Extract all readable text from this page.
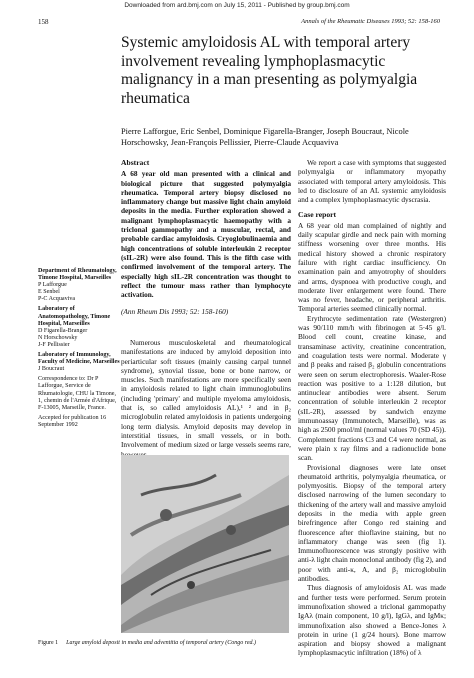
Downloaded from ard.bmj.com on July 15, 2011 - Published by group.bmj.com
158	Annals of the Rheumatic Diseases 1993; 52: 158-160
Systemic amyloidosis AL with temporal artery involvement revealing lymphoplasmacytic malignancy in a man presenting as polymyalgia rheumatica
Pierre Lafforgue, Eric Senbel, Dominique Figarella-Branger, Joseph Boucraut, Nicole Horschowsky, Jean-François Pellissier, Pierre-Claude Acquaviva
Department of Rheumatology, Timone Hospital, Marseilles
P Lafforgue
E Senbel
P-C Acquaviva
Laboratory of Anatomopathology, Timone Hospital, Marseilles
D Figarella-Branger
N Horschowsky
J-F Pellissier
Laboratory of Immunology, Faculty of Medicine, Marseilles
J Boucraut
Correspondence to: Dr P Lafforgue, Service de Rhumatologie, CHU la Timone, 1, chemin de l'Armée d'Afrique, F-13005, Marseille, France.
Accepted for publication 16 September 1992
Abstract
A 68 year old man presented with a clinical and biological picture that suggested polymyalgia rheumatica. Temporal artery biopsy disclosed no inflammatory change but massive light chain amyloid deposits in the media. Further exploration showed a malignant lymphoplasmacytic haemopathy with a triclonal gammopathy and a muscular, rectal, and probable cardiac amyloidosis. Cryoglobulinaemia and high concentrations of soluble interleukin 2 receptor (sIL-2R) were also found. This is the fifth case with confirmed involvement of the temporal artery. The especially high sIL-2R concentration was thought to reflect the tumour mass rather than lymphocyte activation.
(Ann Rheum Dis 1993; 52: 158-160)

Numerous musculoskeletal and rheumatological manifestations are induced by amyloid deposition into periarticular soft tissues (mainly causing carpal tunnel syndrome), synovial tissue, bone or bone narrow, or muscles. Such manifestations are more specifically seen in amyloidosis related to light chain immunoglobulins (including 'primary' and multiple myeloma amyloidosis, that is, so called amyloidosis AL),¹ ² and in β₂ microglobulin related amyloidosis in patients undergoing long term dialysis. Amyloid deposits may develop in interstitial tissues, in small vessels, or in both. Involvement of medium sized or large vessels seems rare,

Figure 1 Large amyloid deposit in media and adventitia of temporal artery (Congo red.)

We report a case with symptoms that suggested polymyalgia or inflammatory myopathy associated with temporal artery amyloidosis. This led to disclosure of an AL systemic amyloidosis and a complex lymphoplasmacytic dyscrasia.

Case report

A 68 year old man complained of nightly and daily scapular girdle and neck pain with morning stiffness worsening over three months. His medical history showed a chronic respiratory failure with right cardiac insufficiency. On examination pain and amyotrophy of shoulders and arms, dyspnoea with productive cough, and moderate liver enlargement were found. There was no fever, headache, or peripheral arthritis. Temporal arteries seemed clinically normal.

Erythrocyte sedimentation rate (Westergren) was 90/110 mm/h with fibrinogen at 5·45 g/l. Blood cell count, creatine kinase, and transaminase activity, creatinine concentration, and coagulation tests were normal. Moderate γ and β peaks and raised β₂ globulin concentrations were seen on serum electrophoresis. Waaler-Rose reaction was positive to a 1:128 dilution, but antinuclear antibodies were absent. Serum concentration of soluble interleukin 2 receptor (sIL-2R), assessed by sandwich enzyme immunoassay (Immunotech, Marseille), was as high as 2500 pmol/ml (normal values 70 (SD 45)). Complement fractions C3 and C4 were normal, as were plain x ray films and a radionuclide bone scan.

Provisional diagnoses were late onset rheumatoid arthritis, polymyalgia rheumatica, or polymyositis. Biopsy of the temporal artery disclosed narrowing of the lumen secondary to thickening of the artery wall and massive amyloid deposits in the media with apple green birefringence after Congo red staining and fluorescence after thioflavine staining, but no inflammatory change was seen (fig 1). Immunofluorescence was strongly positive with anti-λ light chain monoclonal antibody (fig 2), and poor with anti-κ, A, and β₂ microglobulin antibodies.

Thus diagnosis of amyloidosis AL was made and further tests were performed. Serum protein immunofixation showed a triclonal gammopathy IgAλ (main component, 10 g/l), IgGλ, and IgMκ; immunofixation also showed a Bence-Jones λ protein in urine (1 g/24 hours). Bone marrow aspiration and biopsy showed a malignant lymphoplasmacytic infiltration (18%) of λ
